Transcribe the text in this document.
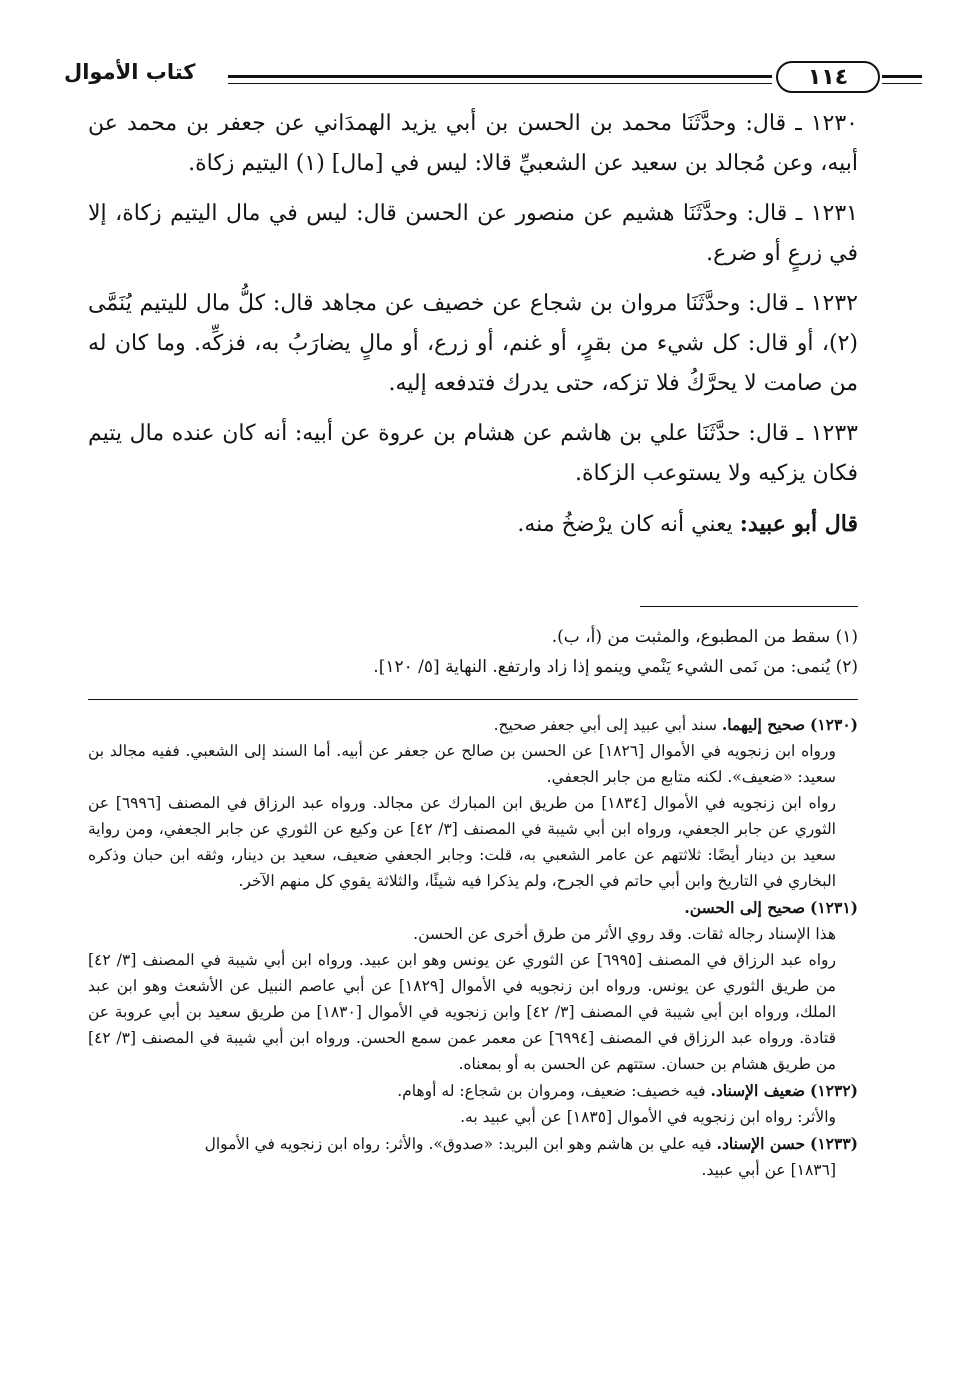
كتاب الأموال	١١٤

١٢٣٠ ـ قال: وحدَّثَنَا محمد بن الحسن بن أبي يزيد الهمدَاني عن جعفر بن محمد عن أبيه، وعن مُجالد بن سعيد عن الشعبيِّ قالا: ليس في [مال] (١) اليتيم زكاة.

١٢٣١ ـ قال: وحدَّثَنَا هشيم عن منصور عن الحسن قال: ليس في مال اليتيم زكاة، إلا في زرعٍ أو ضرع.

١٢٣٢ ـ قال: وحدَّثَنَا مروان بن شجاع عن خصيف عن مجاهد قال: كلُّ مال لليتيم يُنَمَّى (٢)، أو قال: كل شيء من بقرٍ، أو غنم، أو زرع، أو مالٍ يضارَبُ به، فزكِّه. وما كان له من صامت لا يحرَّكُ فلا تزكه، حتى يدرك فتدفعه إليه.

١٢٣٣ ـ قال: حدَّثَنَا علي بن هاشم عن هشام بن عروة عن أبيه: أنه كان عنده مال يتيم فكان يزكيه ولا يستوعب الزكاة.

قال أبو عبيد: يعني أنه كان يرْضخُ منه.

(١) سقط من المطبوع، والمثبت من (أ، ب).

(٢) يُنمى: من نَمى الشيء يَنْمي وينمو إذا زاد وارتفع. النهاية [٥/ ١٢٠].

(١٢٣٠) صحيح إليهما. سند أبي عبيد إلى أبي جعفر صحيح.

ورواه ابن زنجويه في الأموال [١٨٢٦] عن الحسن بن صالح عن جعفر عن أبيه. أما السند إلى الشعبي. ففيه مجالد بن سعيد: «ضعيف». لكنه متابع من جابر الجعفي.

رواه ابن زنجويه في الأموال [١٨٣٤] من طريق ابن المبارك عن مجالد. ورواه عبد الرزاق في المصنف [٦٩٩٦] عن الثوري عن جابر الجعفي، ورواه ابن أبي شيبة في المصنف [٣/ ٤٢] عن وكيع عن الثوري عن جابر الجعفي، ومن رواية سعيد بن دينار أيضًا: ثلاثتهم عن عامر الشعبي به، قلت: وجابر الجعفي ضعيف، سعيد بن دينار، وثقه ابن حبان وذكره البخاري في التاريخ وابن أبي حاتم في الجرح، ولم يذكرا فيه شيئًا، والثلاثة يقوي كل منهم الآخر.

(١٢٣١) صحيح إلى الحسن.

هذا الإسناد رجاله ثقات. وقد روي الأثر من طرق أخرى عن الحسن.

رواه عبد الرزاق في المصنف [٦٩٩٥] عن الثوري عن يونس وهو ابن عبيد. ورواه ابن أبي شيبة في المصنف [٣/ ٤٢] من طريق الثوري عن يونس. ورواه ابن زنجويه في الأموال [١٨٢٩] عن أبي عاصم النبيل عن الأشعث وهو ابن عبد الملك، ورواه ابن أبي شيبة في المصنف [٣/ ٤٢] وابن زنجويه في الأموال [١٨٣٠] من طريق سعيد بن أبي عروبة عن قتادة. ورواه عبد الرزاق في المصنف [٦٩٩٤] عن معمر عمن سمع الحسن. ورواه ابن أبي شيبة في المصنف [٣/ ٤٢] من طريق هشام بن حسان. ستتهم عن الحسن به أو بمعناه.

(١٢٣٢) ضعيف الإسناد. فيه خصيف: ضعيف، ومروان بن شجاع: له أوهام.

والأثر: رواه ابن زنجويه في الأموال [١٨٣٥] عن أبي عبيد به.

(١٢٣٣) حسن الإسناد. فيه علي بن هاشم وهو ابن البريد: «صدوق». والأثر: رواه ابن زنجويه في الأموال

[١٨٣٦] عن أبي عبيد.
